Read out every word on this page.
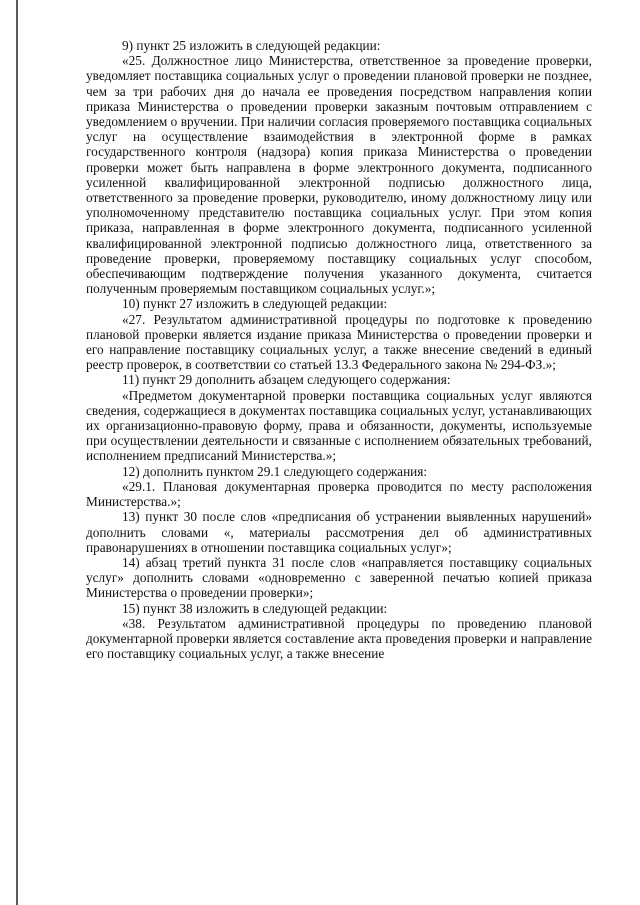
9) пункт 25 изложить в следующей редакции:

«25. Должностное лицо Министерства, ответственное за проведение проверки, уведомляет поставщика социальных услуг о проведении плановой проверки не позднее, чем за три рабочих дня до начала ее проведения посредством направления копии приказа Министерства о проведении проверки заказным почтовым отправлением с уведомлением о вручении. При наличии согласия проверяемого поставщика социальных услуг на осуществление взаимодействия в электронной форме в рамках государственного контроля (надзора) копия приказа Министерства о проведении проверки может быть направлена в форме электронного документа, подписанного усиленной квалифицированной электронной подписью должностного лица, ответственного за проведение проверки, руководителю, иному должностному лицу или уполномоченному представителю поставщика социальных услуг. При этом копия приказа, направленная в форме электронного документа, подписанного усиленной квалифицированной электронной подписью должностного лица, ответственного за проведение проверки, проверяемому поставщику социальных услуг способом, обеспечивающим подтверждение получения указанного документа, считается полученным проверяемым поставщиком социальных услуг.»;

10) пункт 27 изложить в следующей редакции:

«27. Результатом административной процедуры по подготовке к проведению плановой проверки является издание приказа Министерства о проведении проверки и его направление поставщику социальных услуг, а также внесение сведений в единый реестр проверок, в соответствии со статьей 13.3 Федерального закона № 294-ФЗ.»;

11) пункт 29 дополнить абзацем следующего содержания:

«Предметом документарной проверки поставщика социальных услуг являются сведения, содержащиеся в документах поставщика социальных услуг, устанавливающих их организационно-правовую форму, права и обязанности, документы, используемые при осуществлении деятельности и связанные с исполнением обязательных требований, исполнением предписаний Министерства.»;

12) дополнить пунктом 29.1 следующего содержания:

«29.1. Плановая документарная проверка проводится по месту расположения Министерства.»;

13) пункт 30 после слов «предписания об устранении выявленных нарушений» дополнить словами «, материалы рассмотрения дел об административных правонарушениях в отношении поставщика социальных услуг»;

14) абзац третий пункта 31 после слов «направляется поставщику социальных услуг» дополнить словами «одновременно с заверенной печатью копией приказа Министерства о проведении проверки»;

15) пункт 38 изложить в следующей редакции:

«38. Результатом административной процедуры по проведению плановой документарной проверки является составление акта проведения проверки и направление его поставщику социальных услуг, а также внесение
